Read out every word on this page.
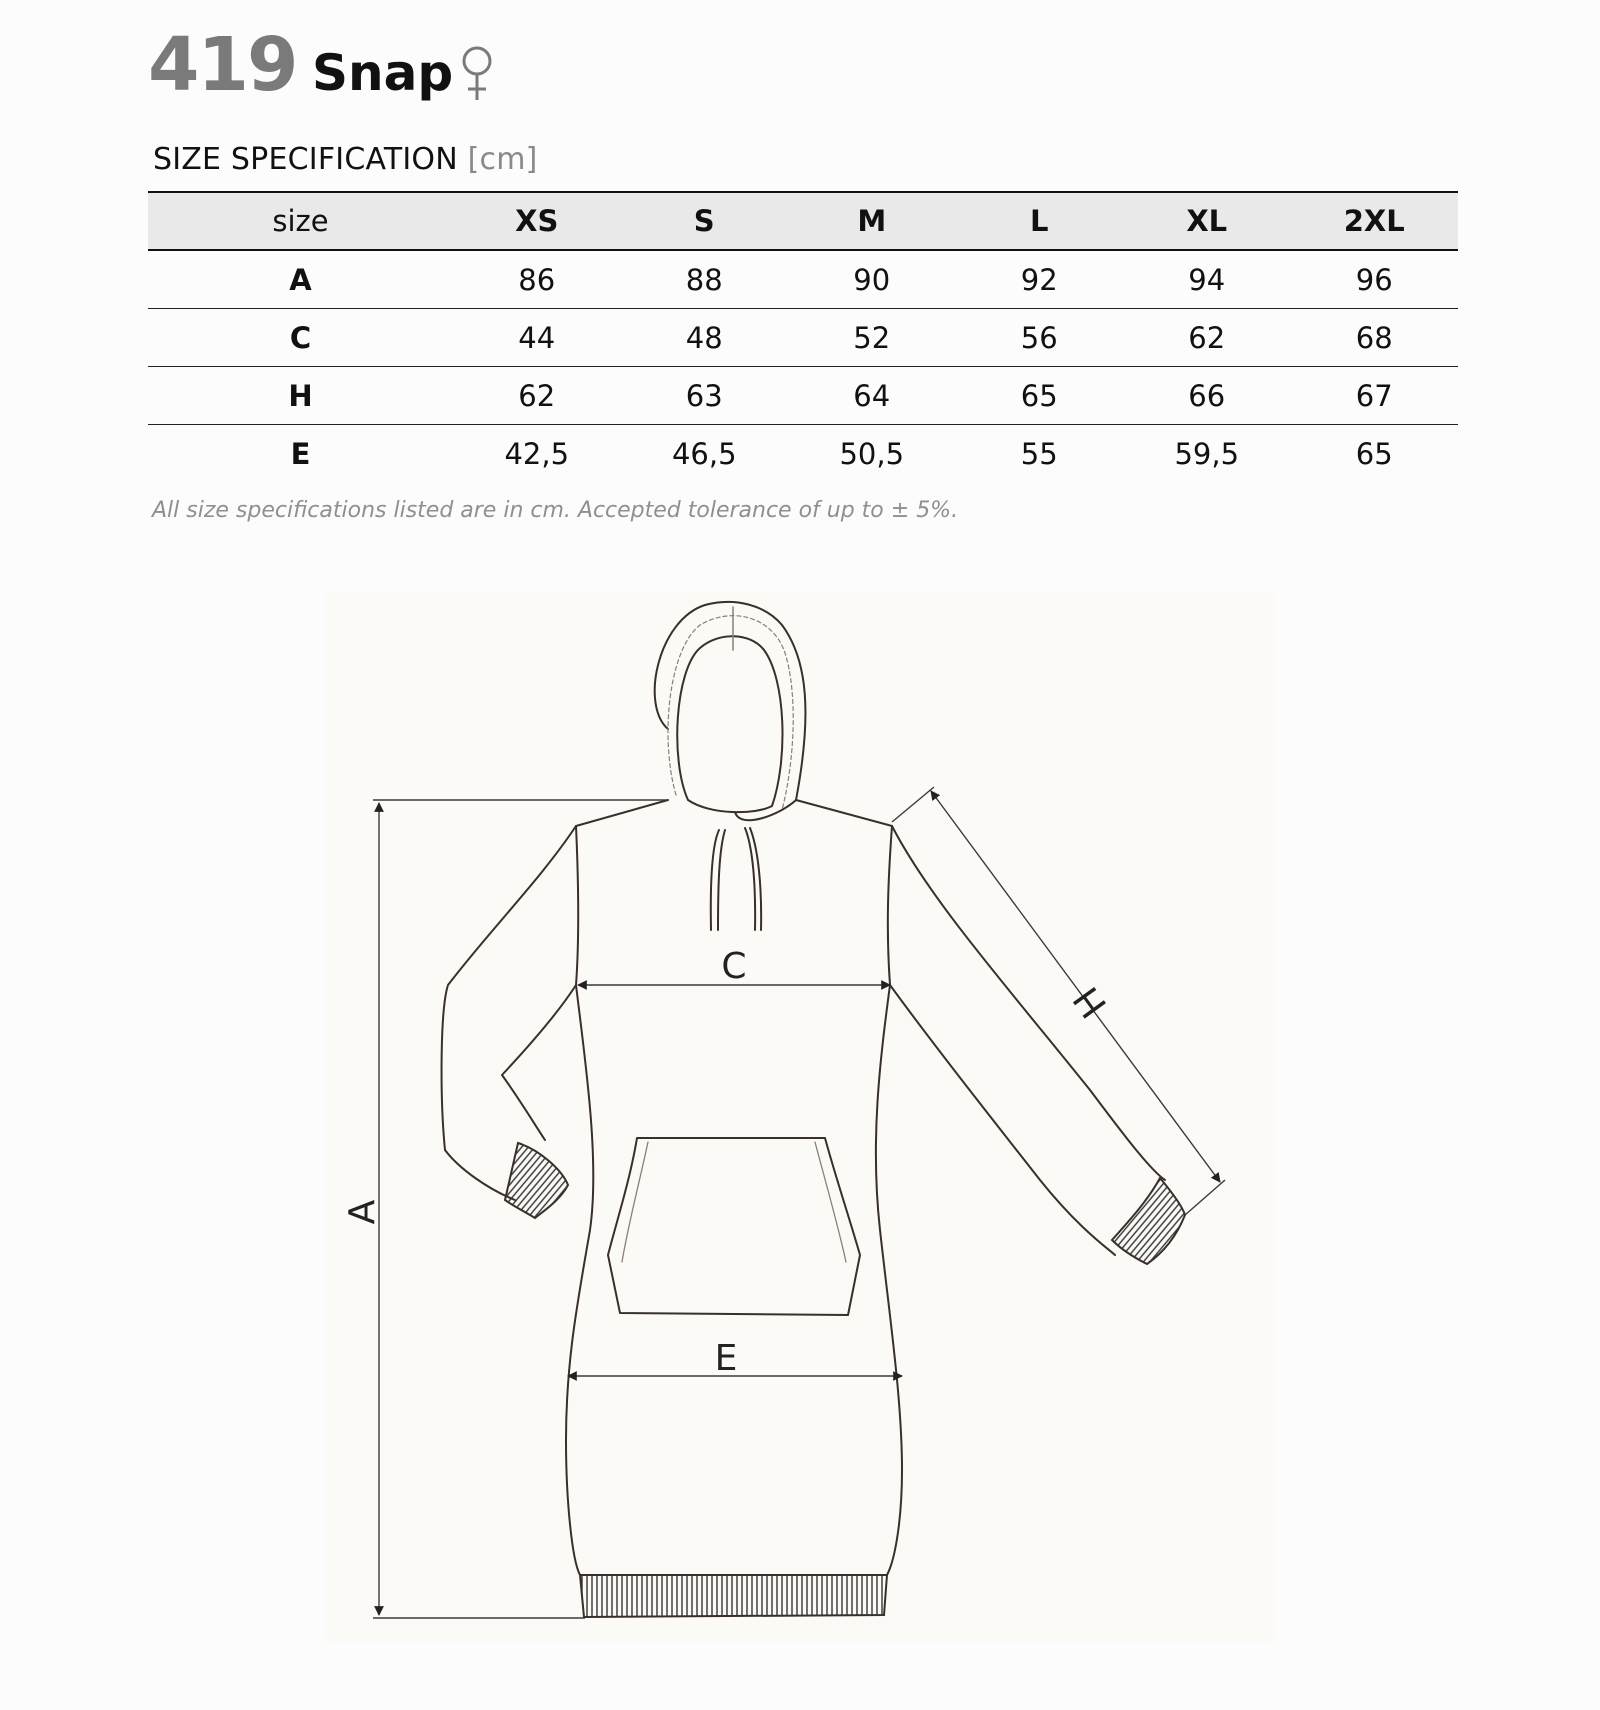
419 Snap
SIZE SPECIFICATION [cm]
size	XS	S	M	L	XL	2XL
A	86	88	90	92	94	96
C	44	48	52	56	62	68
H	62	63	64	65	66	67
E	42,5	46,5	50,5	55	59,5	65
All size specifications listed are in cm. Accepted tolerance of up to ± 5%.
A
C
H
E
